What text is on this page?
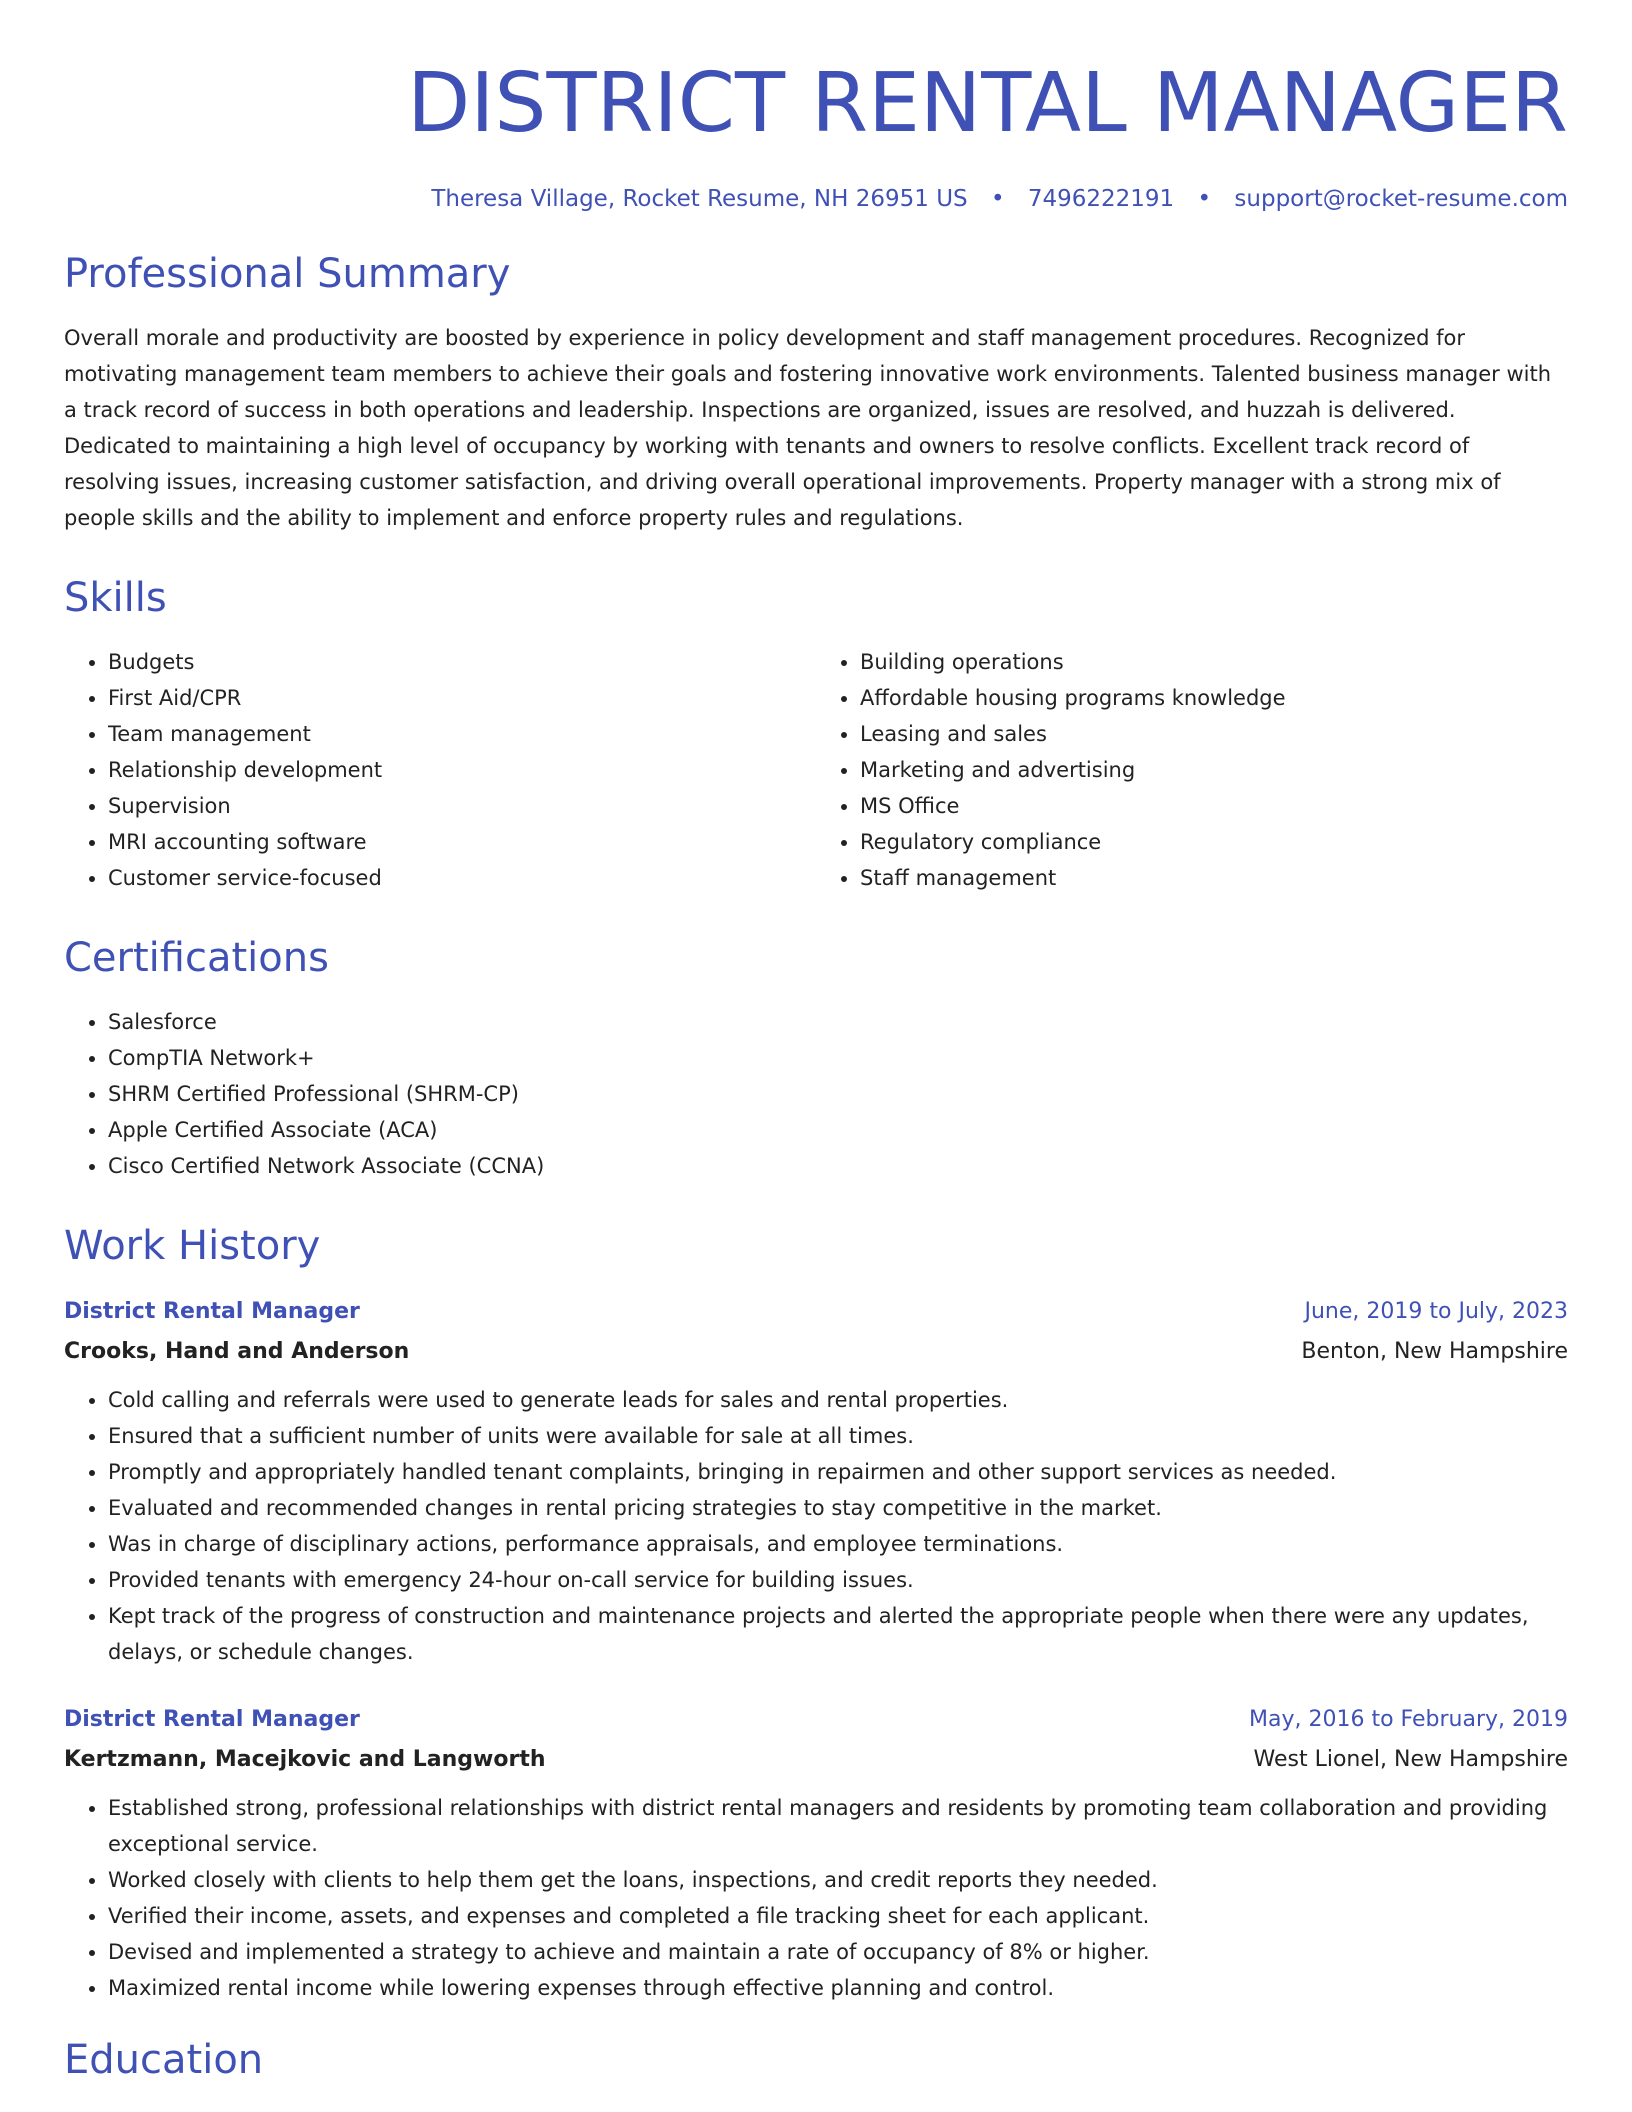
DISTRICT RENTAL MANAGER
Theresa Village, Rocket Resume, NH 26951 US • 7496222191 • support@rocket-resume.com
Professional Summary

Overall morale and productivity are boosted by experience in policy development and staff management procedures. Recognized for motivating management team members to achieve their goals and fostering innovative work environments. Talented business manager with a track record of success in both operations and leadership. Inspections are organized, issues are resolved, and huzzah is delivered. Dedicated to maintaining a high level of occupancy by working with tenants and owners to resolve conflicts. Excellent track record of resolving issues, increasing customer satisfaction, and driving overall operational improvements. Property manager with a strong mix of people skills and the ability to implement and enforce property rules and regulations.

Skills
• Budgets
• First Aid/CPR
• Team management
• Relationship development
• Supervision
• MRI accounting software
• Customer service-focused
• Building operations
• Affordable housing programs knowledge
• Leasing and sales
• Marketing and advertising
• MS Office
• Regulatory compliance
• Staff management
Certifications
• Salesforce
• CompTIA Network+
• SHRM Certified Professional (SHRM-CP)
• Apple Certified Associate (ACA)
• Cisco Certified Network Associate (CCNA)
Work History
District Rental Manager	June, 2019 to July, 2023
Crooks, Hand and Anderson	Benton, New Hampshire
• Cold calling and referrals were used to generate leads for sales and rental properties.
• Ensured that a sufficient number of units were available for sale at all times.
• Promptly and appropriately handled tenant complaints, bringing in repairmen and other support services as needed.
• Evaluated and recommended changes in rental pricing strategies to stay competitive in the market.
• Was in charge of disciplinary actions, performance appraisals, and employee terminations.
• Provided tenants with emergency 24-hour on-call service for building issues.
• Kept track of the progress of construction and maintenance projects and alerted the appropriate people when there were any updates, delays, or schedule changes.
District Rental Manager	May, 2016 to February, 2019
Kertzmann, Macejkovic and Langworth	West Lionel, New Hampshire
• Established strong, professional relationships with district rental managers and residents by promoting team collaboration and providing exceptional service.
• Worked closely with clients to help them get the loans, inspections, and credit reports they needed.
• Verified their income, assets, and expenses and completed a file tracking sheet for each applicant.
• Devised and implemented a strategy to achieve and maintain a rate of occupancy of 8% or higher.
• Maximized rental income while lowering expenses through effective planning and control.
Education
